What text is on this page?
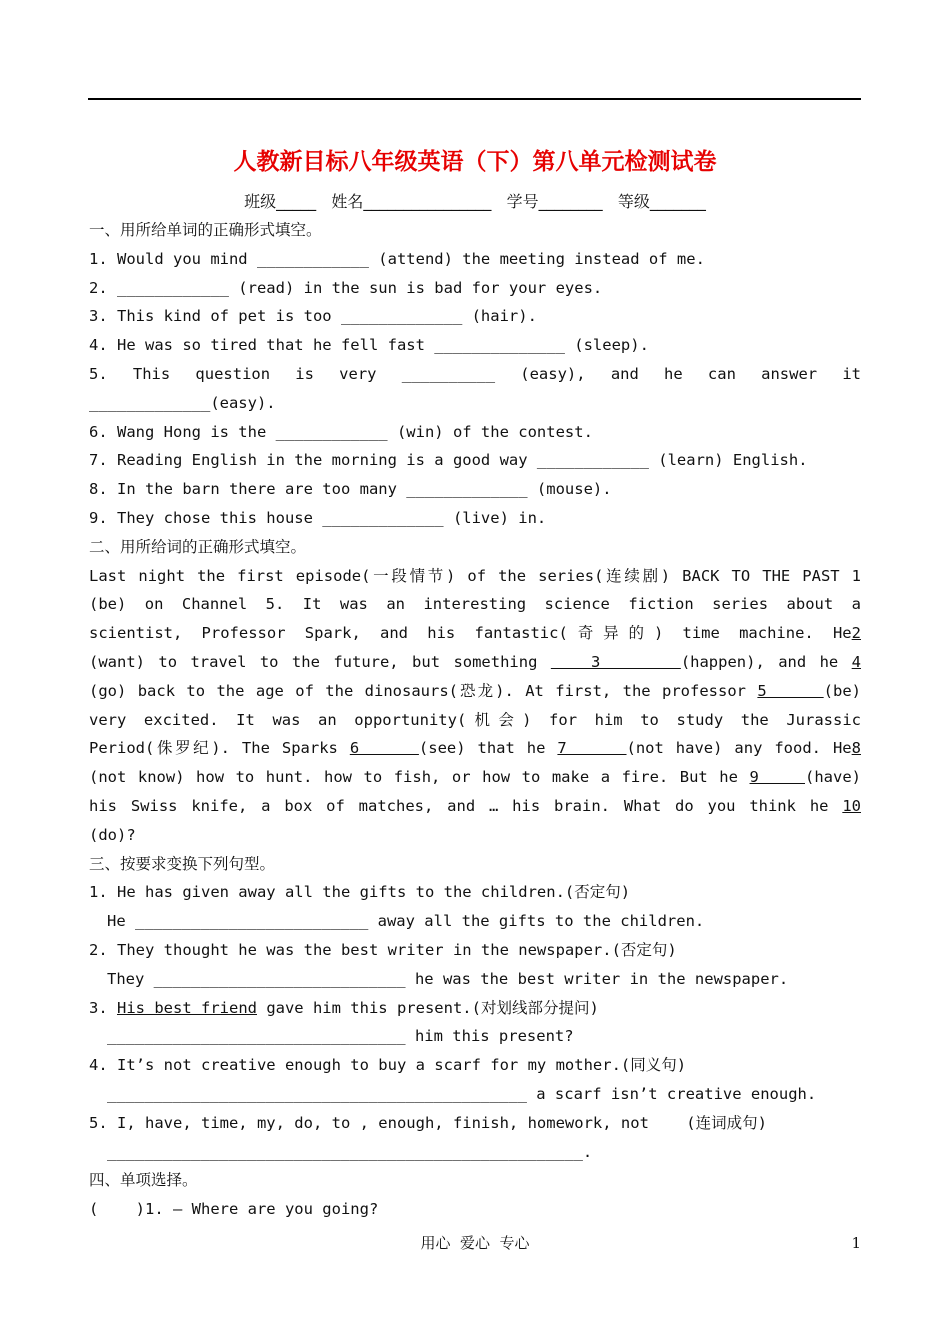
人教新目标八年级英语（下）第八单元检测试卷
班级_____   姓名________________   学号________   等级_______
一、用所给单词的正确形式填空。
1. Would you mind ____________ (attend) the meeting instead of me.
2. ____________ (read) in the sun is bad for your eyes.
3. This kind of pet is too _____________ (hair).
4. He was so tired that he fell fast ______________ (sleep).
5. This question is very __________ (easy), and he can answer it
_____________(easy).
6. Wang Hong is the ____________ (win) of the contest.
7. Reading English in the morning is a good way ____________ (learn) English.
8. In the barn there are too many _____________ (mouse).
9. They chose this house _____________ (live) in.
二、用所给词的正确形式填空。
Last night the first episode(一段情节) of the series(连续剧) BACK TO THE PAST 1
(be) on Channel 5. It was an interesting science fiction series about a
scientist, Professor Spark, and his fantastic(奇异的) time machine. He2
(want) to travel to the future, but something    3      (happen), and he 4
(go) back to the age of the dinosaurs(恐龙). At first, the professor 5     (be)
very excited. It was an opportunity(机会) for him to study the Jurassic
Period(侏罗纪). The Sparks 6     (see) that he 7     (not have) any food. He8
(not know) how to hunt. how to fish, or how to make a fire. But he 9    (have)
his Swiss knife, a box of matches, and … his brain. What do you think he 10
(do)?
三、按要求变换下列句型。
1. He has given away all the gifts to the children.(否定句)
He _________________________ away all the gifts to the children.
2. They thought he was the best writer in the newspaper.(否定句)
They ___________________________ he was the best writer in the newspaper.
3. His best friend gave him this present.(对划线部分提问)
________________________________ him this present?
4. It’s not creative enough to buy a scarf for my mother.(同义句)
_____________________________________________ a scarf isn’t creative enough.
5. I, have, time, my, do, to , enough, finish, homework, not    (连词成句)
___________________________________________________.
四、单项选择。
(    )1. — Where are you going?
用心  爱心  专心	1
